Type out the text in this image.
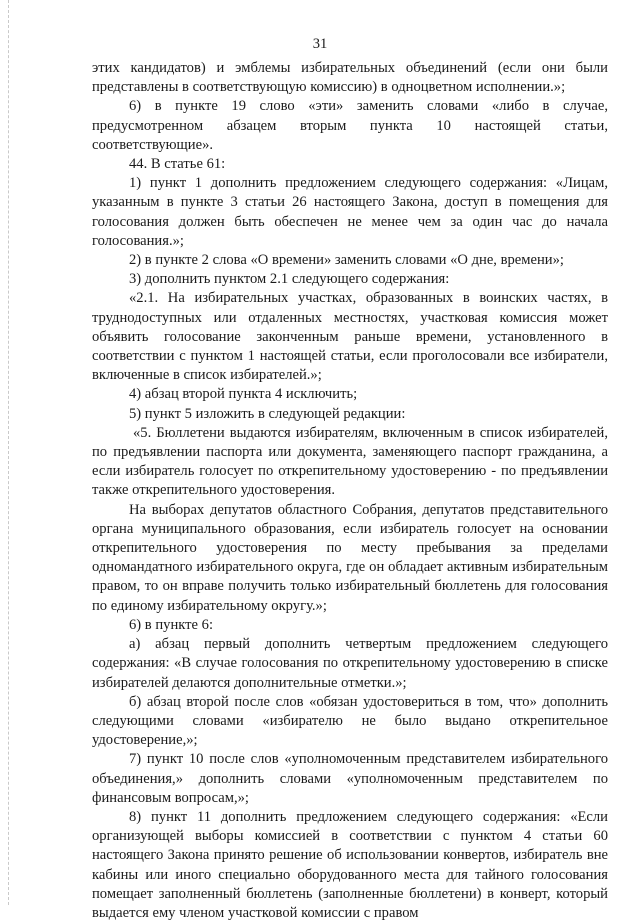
31

этих кандидатов) и эмблемы избирательных объединений (если они были представлены в соответствующую комиссию) в одноцветном исполнении.»;

6) в пункте 19 слово «эти» заменить словами «либо в случае, предусмотренном абзацем вторым пункта 10 настоящей статьи, соответствующие».

44. В статье 61:

1) пункт 1 дополнить предложением следующего содержания: «Лицам, указанным в пункте 3 статьи 26 настоящего Закона, доступ в помещения для голосования должен быть обеспечен не менее чем за один час до начала голосования.»;

2) в пункте 2 слова «О времени» заменить словами «О дне, времени»;

3) дополнить пунктом 2.1 следующего содержания:

«2.1. На избирательных участках, образованных в воинских частях, в труднодоступных или отдаленных местностях, участковая комиссия может объявить голосование законченным раньше времени, установленного в соответствии с пунктом 1 настоящей статьи, если проголосовали все избиратели, включенные в список избирателей.»;

4) абзац второй пункта 4 исключить;

5) пункт 5 изложить в следующей редакции:

«5. Бюллетени выдаются избирателям, включенным в список избирателей, по предъявлении паспорта или документа, заменяющего паспорт гражданина, а если избиратель голосует по открепительному удостоверению - по предъявлении также открепительного удостоверения.

На выборах депутатов областного Собрания, депутатов представительного органа муниципального образования, если избиратель голосует на основании открепительного удостоверения по месту пребывания за пределами одномандатного избирательного округа, где он обладает активным избирательным правом, то он вправе получить только избирательный бюллетень для голосования по единому избирательному округу.»;

6) в пункте 6:

а) абзац первый дополнить четвертым предложением следующего содержания: «В случае голосования по открепительному удостоверению в списке избирателей делаются дополнительные отметки.»;

б) абзац второй после слов «обязан удостовериться в том, что» дополнить следующими словами «избирателю не было выдано открепительное удостоверение,»;

7) пункт 10 после слов «уполномоченным представителем избирательного объединения,» дополнить словами «уполномоченным представителем по финансовым вопросам,»;

8) пункт 11 дополнить предложением следующего содержания: «Если организующей выборы комиссией в соответствии с пунктом 4 статьи 60 настоящего Закона принято решение об использовании конвертов, избиратель вне кабины или иного специально оборудованного места для тайного голосования помещает заполненный бюллетень (заполненные бюллетени) в конверт, который выдается ему членом участковой комиссии с правом
